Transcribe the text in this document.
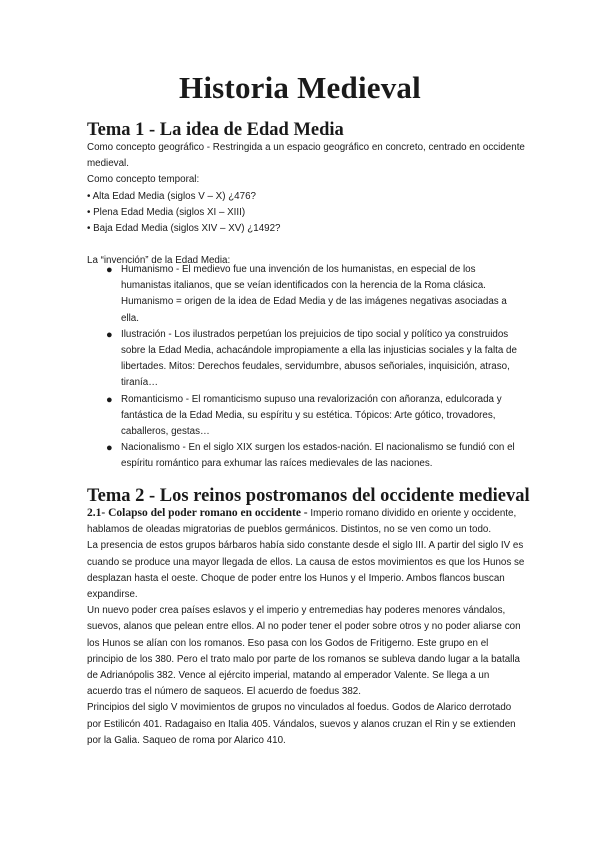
Historia Medieval
Tema 1 - La idea de Edad Media

Como concepto geográfico - Restringida a un espacio geográfico en concreto, centrado en occidente medieval.

Como concepto temporal:

• Alta Edad Media (siglos V – X) ¿476?

• Plena Edad Media (siglos XI – XIII)

• Baja Edad Media (siglos XIV – XV) ¿1492?

La “invención” de la Edad Media:

● Humanismo - El medievo fue una invención de los humanistas, en especial de los humanistas italianos, que se veían identificados con la herencia de la Roma clásica. Humanismo = origen de la idea de Edad Media y de las imágenes negativas asociadas a ella.
● Ilustración - Los ilustrados perpetúan los prejuicios de tipo social y político ya construidos sobre la Edad Media, achacándole impropiamente a ella las injusticias sociales y la falta de libertades. Mitos: Derechos feudales, servidumbre, abusos señoriales, inquisición, atraso, tiranía…
● Romanticismo - El romanticismo supuso una revalorización con añoranza, edulcorada y fantástica de la Edad Media, su espíritu y su estética. Tópicos: Arte gótico, trovadores, caballeros, gestas…
● Nacionalismo - En el siglo XIX surgen los estados-nación. El nacionalismo se fundió con el espíritu romántico para exhumar las raíces medievales de las naciones.
Tema 2 - Los reinos postromanos del occidente medieval

2.1- Colapso del poder romano en occidente - Imperio romano dividido en oriente y occidente, hablamos de oleadas migratorias de pueblos germánicos. Distintos, no se ven como un todo.

La presencia de estos grupos bárbaros había sido constante desde el siglo III. A partir del siglo IV es cuando se produce una mayor llegada de ellos. La causa de estos movimientos es que los Hunos se desplazan hasta el oeste. Choque de poder entre los Hunos y el Imperio. Ambos flancos buscan expandirse.

Un nuevo poder crea países eslavos y el imperio y entremedias hay poderes menores vándalos, suevos, alanos que pelean entre ellos. Al no poder tener el poder sobre otros y no poder aliarse con los Hunos se alían con los romanos. Eso pasa con los Godos de Fritigerno. Este grupo en el principio de los 380. Pero el trato malo por parte de los romanos se subleva dando lugar a la batalla de Adrianópolis 382. Vence al ejército imperial, matando al emperador Valente. Se llega a un acuerdo tras el número de saqueos. El acuerdo de foedus 382.

Principios del siglo V movimientos de grupos no vinculados al foedus. Godos de Alarico derrotado por Estilicón 401. Radagaiso en Italia 405. Vándalos, suevos y alanos cruzan el Rin y se extienden por la Galia. Saqueo de roma por Alarico 410.
